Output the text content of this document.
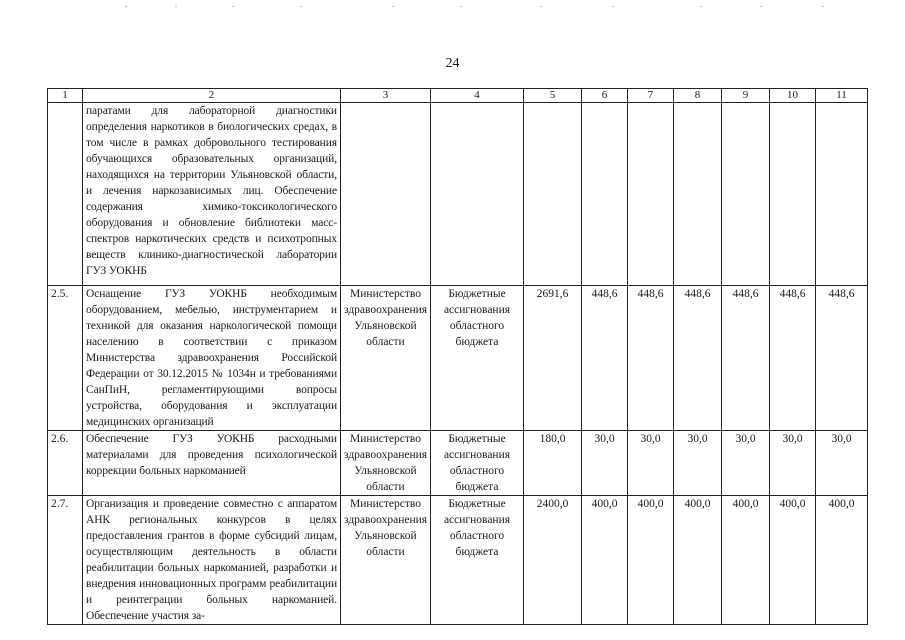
24
1	2	3	4	5	6	7	8	9	10	11
	паратами для лабораторной диагностики определения наркотиков в биологических средах, в том числе в рамках добровольного тестирования обучающихся образовательных организаций, находящихся на территории Ульяновской области, и лечения наркозависимых лиц. Обеспечение содержания химико-токсикологического оборудования и обновление библиотеки масс-спектров наркотических средств и психотропных веществ клинико-диагностической лаборатории ГУЗ УОКНБ									
2.5.	Оснащение ГУЗ УОКНБ необходимым оборудованием, мебелью, инструментарием и техникой для оказания наркологической помощи населению в соответствии с приказом Министерства здравоохранения Российской Федерации от 30.12.2015 № 1034н и требованиями СанПиН, регламентирующими вопросы устройства, оборудования и эксплуатации медицинских организаций	Министерство здравоохранения Ульяновской области	Бюджетные ассигнования областного бюджета	2691,6	448,6	448,6	448,6	448,6	448,6	448,6
2.6.	Обеспечение ГУЗ УОКНБ расходными материалами для проведения психологической коррекции больных наркоманией	Министерство здравоохранения Ульяновской области	Бюджетные ассигнования областного бюджета	180,0	30,0	30,0	30,0	30,0	30,0	30,0
2.7.	Организация и проведение совместно с аппаратом АНК региональных конкурсов в целях предоставления грантов в форме субсидий лицам, осуществляющим деятельность в области реабилитации больных наркоманией, разработки и внедрения инновационных программ реабилитации и реинтеграции больных наркоманией. Обеспечение участия за-	Министерство здравоохранения Ульяновской области	Бюджетные ассигнования областного бюджета	2400,0	400,0	400,0	400,0	400,0	400,0	400,0
